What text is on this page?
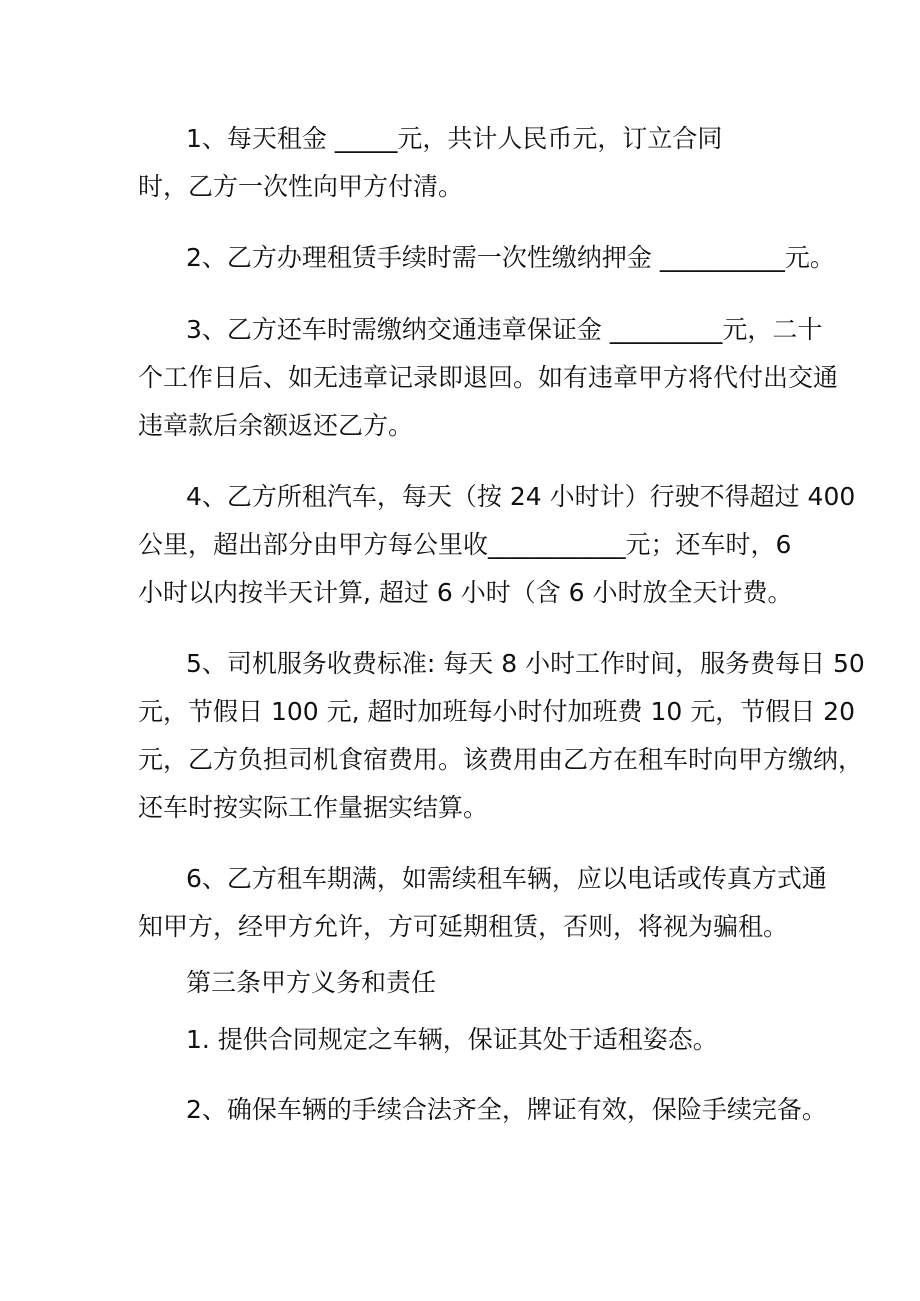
1、每天租金 _____元，共计人民币元，订立合同
时，乙方一次性向甲方付清。
2、乙方办理租赁手续时需一次性缴纳押金 __________元。
3、乙方还车时需缴纳交通违章保证金 _________元，二十
个工作日后、如无违章记录即退回。如有违章甲方将代付出交通
违章款后余额返还乙方。
4、乙方所租汽车，每天（按 24 小时计）行驶不得超过 400
公里，超出部分由甲方每公里收___________元；还车时，6
小时以内按半天计算, 超过 6 小时（含 6 小时放全天计费。
5、司机服务收费标准: 每天 8 小时工作时间，服务费每日 50
元，节假日 100 元, 超时加班每小时付加班费 10 元，节假日 20
元，乙方负担司机食宿费用。该费用由乙方在租车时向甲方缴纳，
还车时按实际工作量据实结算。
6、乙方租车期满，如需续租车辆，应以电话或传真方式通
知甲方，经甲方允许，方可延期租赁，否则，将视为骗租。
第三条甲方义务和责任
1. 提供合同规定之车辆，保证其处于适租姿态。
2、确保车辆的手续合法齐全，牌证有效，保险手续完备。
